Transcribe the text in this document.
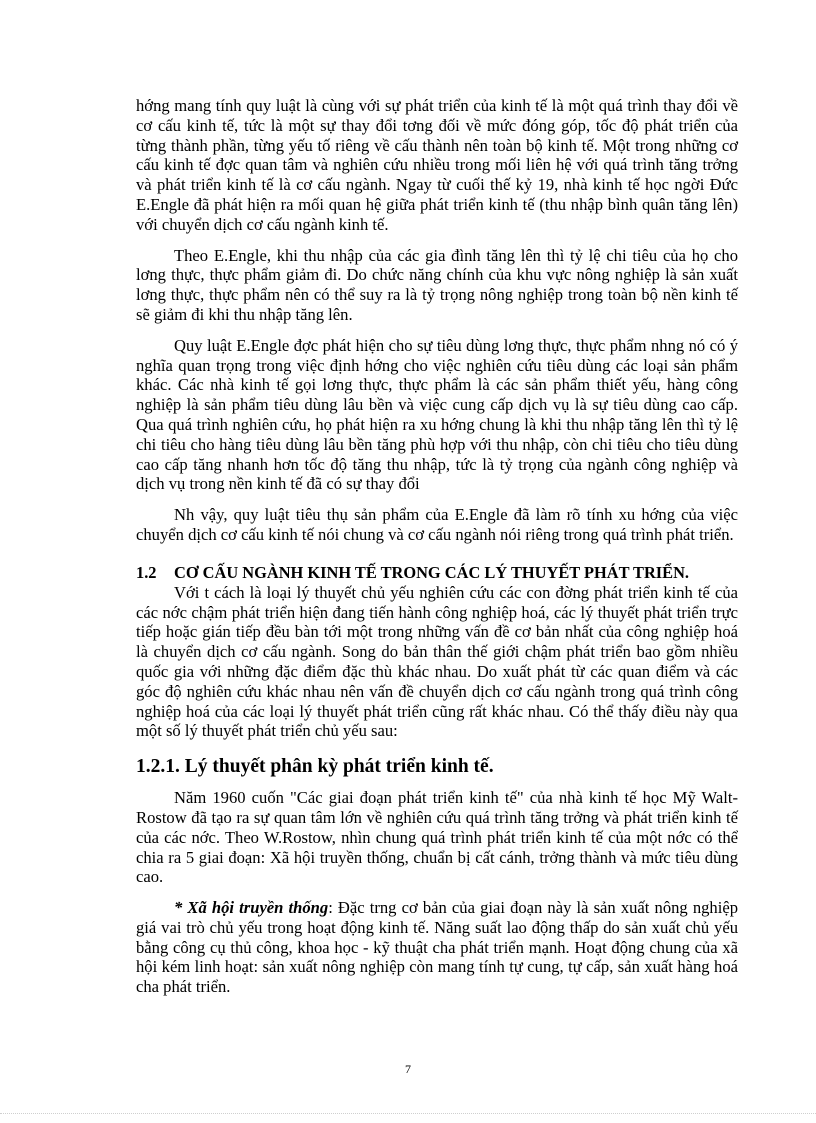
hớng mang tính quy luật là cùng với sự phát triển của kinh tế là một quá trình thay đổi về cơ cấu kinh tế, tức là một sự thay đổi tơng đối về mức đóng góp, tốc độ phát triển của từng thành phần, từng yếu tố riêng về cấu thành nên toàn bộ kinh tế. Một trong những cơ cấu kinh tế đợc quan tâm và nghiên cứu nhiều trong mối liên hệ với quá trình tăng trởng và phát triển kinh tế là cơ cấu ngành. Ngay từ cuối thế kỷ 19, nhà kinh tế học ngời Đức E.Engle đã phát hiện ra mối quan hệ giữa phát triển kinh tế (thu nhập bình quân tăng lên) với chuyển dịch cơ cấu ngành kinh tế.

Theo E.Engle, khi thu nhập của các gia đình tăng lên thì tỷ lệ chi tiêu của họ cho lơng thực, thực phẩm giảm đi. Do chức năng chính của khu vực nông nghiệp là sản xuất lơng thực, thực phẩm nên có thể suy ra là tỷ trọng nông nghiệp trong toàn bộ nền kinh tế sẽ giảm đi khi thu nhập tăng lên.

Quy luật E.Engle đợc phát hiện cho sự tiêu dùng lơng thực, thực phẩm nhng nó có ý nghĩa quan trọng trong việc định hớng cho việc nghiên cứu tiêu dùng các loại sản phẩm khác. Các nhà kinh tế gọi lơng thực, thực phẩm là các sản phẩm thiết yếu, hàng công nghiệp là sản phẩm tiêu dùng lâu bền và việc cung cấp dịch vụ là sự tiêu dùng cao cấp. Qua quá trình nghiên cứu, họ phát hiện ra xu hớng chung là khi thu nhập tăng lên thì tỷ lệ chi tiêu cho hàng tiêu dùng lâu bền tăng phù hợp với thu nhập, còn chi tiêu cho tiêu dùng cao cấp tăng nhanh hơn tốc độ tăng thu nhập, tức là tỷ trọng của ngành công nghiệp và dịch vụ trong nền kinh tế đã có sự thay đổi

Nh vậy, quy luật tiêu thụ sản phẩm của E.Engle đã làm rõ tính xu hớng của việc chuyển dịch cơ cấu kinh tế nói chung và cơ cấu ngành nói riêng trong quá trình phát triển.

1.2 CƠ CẤU NGÀNH KINH TẾ TRONG CÁC LÝ THUYẾT PHÁT TRIỂN.

Với t cách là loại lý thuyết chủ yếu nghiên cứu các con đờng phát triển kinh tế của các nớc chậm phát triển hiện đang tiến hành công nghiệp hoá, các lý thuyết phát triển trực tiếp hoặc gián tiếp đều bàn tới một trong những vấn đề cơ bản nhất của công nghiệp hoá là chuyển dịch cơ cấu ngành. Song do bản thân thế giới chậm phát triển bao gồm nhiều quốc gia với những đặc điểm đặc thù khác nhau. Do xuất phát từ các quan điểm và các góc độ nghiên cứu khác nhau nên vấn đề chuyển dịch cơ cấu ngành trong quá trình công nghiệp hoá của các loại lý thuyết phát triển cũng rất khác nhau. Có thể thấy điều này qua một số lý thuyết phát triển chủ yếu sau:

1.2.1. Lý thuyết phân kỳ phát triển kinh tế.

Năm 1960 cuốn "Các giai đoạn phát triển kinh tế" của nhà kinh tế học Mỹ Walt-Rostow đã tạo ra sự quan tâm lớn về nghiên cứu quá trình tăng trởng và phát triển kinh tế của các nớc. Theo W.Rostow, nhìn chung quá trình phát triển kinh tế của một nớc có thể chia ra 5 giai đoạn: Xã hội truyền thống, chuẩn bị cất cánh, trởng thành và mức tiêu dùng cao.

* Xã hội truyền thống: Đặc trng cơ bản của giai đoạn này là sản xuất nông nghiệp giá vai trò chủ yếu trong hoạt động kinh tế. Năng suất lao động thấp do sản xuất chủ yếu bằng công cụ thủ công, khoa học - kỹ thuật cha phát triển mạnh. Hoạt động chung của xã hội kém linh hoạt: sản xuất nông nghiệp còn mang tính tự cung, tự cấp, sản xuất hàng hoá cha phát triển.

7
